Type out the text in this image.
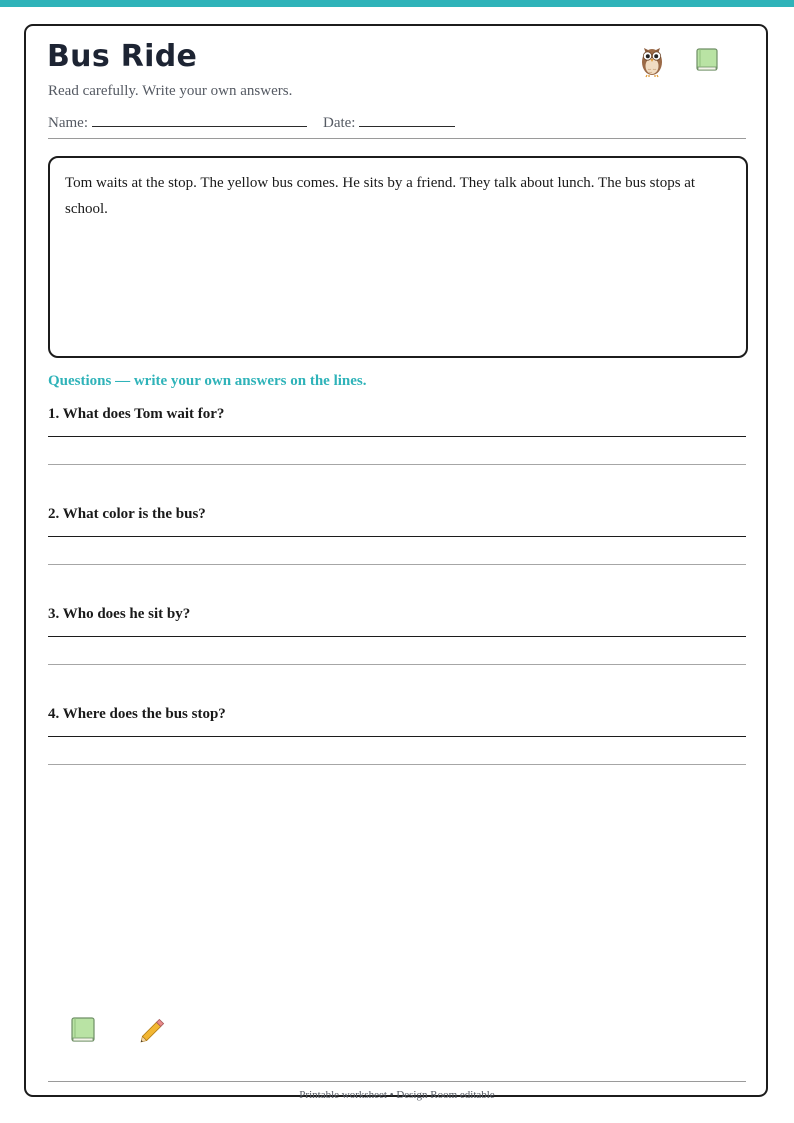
Bus Ride
Read carefully. Write your own answers.
Name:	Date:

Tom waits at the stop. The yellow bus comes. He sits by a friend. They talk about lunch. The bus stops at school.

Questions — write your own answers on the lines.
1. What does Tom wait for?
2. What color is the bus?
3. Who does he sit by?
4. Where does the bus stop?
Printable worksheet • Design Room editable
